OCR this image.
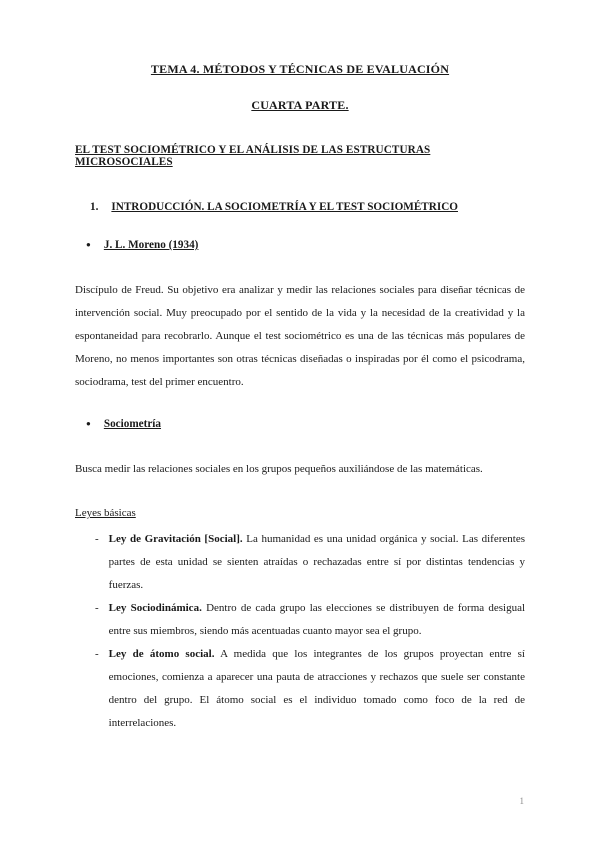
TEMA 4. MÉTODOS Y TÉCNICAS DE EVALUACIÓN
CUARTA PARTE.
EL TEST SOCIOMÉTRICO Y EL ANÁLISIS DE LAS ESTRUCTURAS MICROSOCIALES
1. INTRODUCCIÓN. LA SOCIOMETRÍA Y EL TEST SOCIOMÉTRICO
● J. L. Moreno (1934)

Discípulo de Freud. Su objetivo era analizar y medir las relaciones sociales para diseñar técnicas de intervención social. Muy preocupado por el sentido de la vida y la necesidad de la creatividad y la espontaneidad para recobrarlo. Aunque el test sociométrico es una de las técnicas más populares de Moreno, no menos importantes son otras técnicas diseñadas o inspiradas por él como el psicodrama, sociodrama, test del primer encuentro.

● Sociometría

Busca medir las relaciones sociales en los grupos pequeños auxiliándose de las matemáticas.

Leyes básicas

- Ley de Gravitación [Social]. La humanidad es una unidad orgánica y social. Las diferentes partes de esta unidad se sienten atraídas o rechazadas entre sí por distintas tendencias y fuerzas.
- Ley Sociodinámica. Dentro de cada grupo las elecciones se distribuyen de forma desigual entre sus miembros, siendo más acentuadas cuanto mayor sea el grupo.
- Ley de átomo social. A medida que los integrantes de los grupos proyectan entre sí emociones, comienza a aparecer una pauta de atracciones y rechazos que suele ser constante dentro del grupo. El átomo social es el individuo tomado como foco de la red de interrelaciones.
1
